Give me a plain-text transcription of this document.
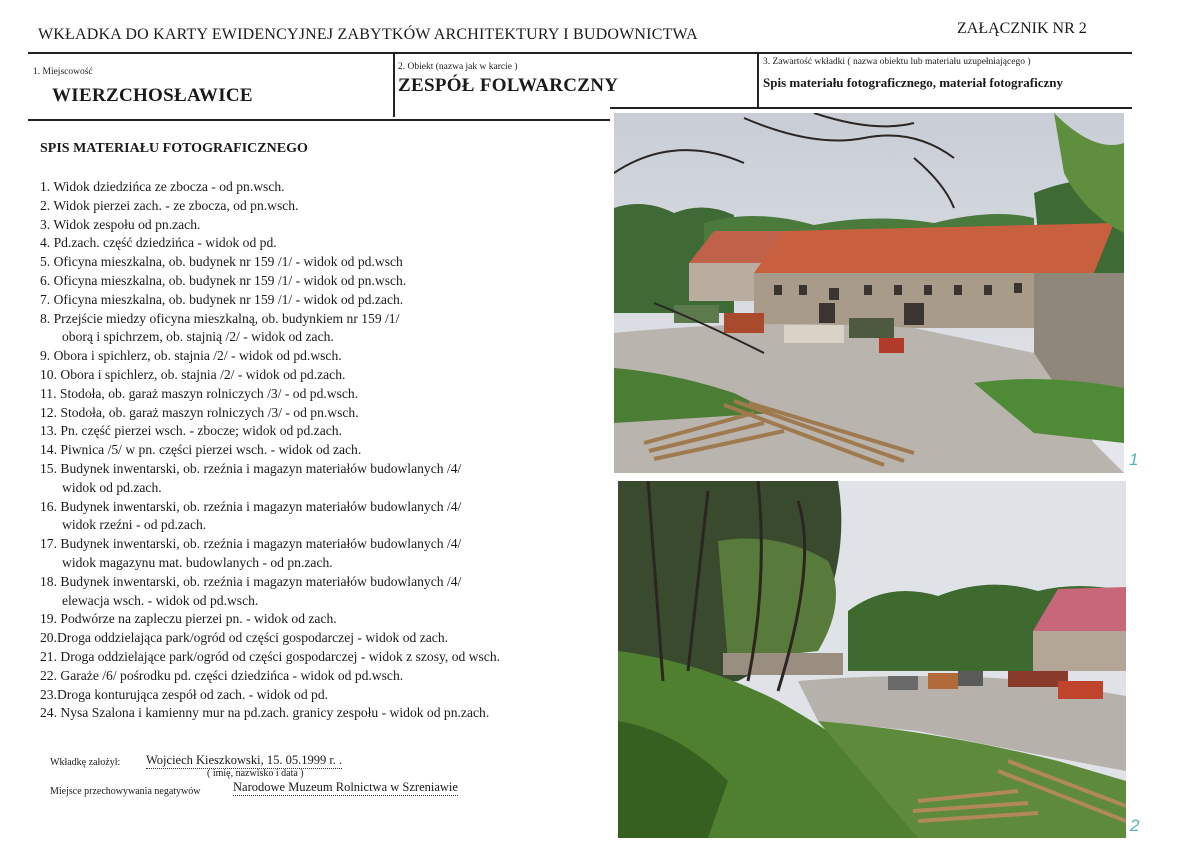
WKŁADKA DO KARTY EWIDENCYJNEJ ZABYTKÓW ARCHITEKTURY I BUDOWNICTWA	ZAŁĄCZNIK NR 2
1. Miejscowość
WIERZCHOSŁAWICE
2. Obiekt (nazwa jak w karcie )
ZESPÓŁ FOLWARCZNY
3. Zawartość wkładki ( nazwa obiektu lub materiału uzupełniającego )
Spis materiału fotograficznego, materiał fotograficzny
SPIS MATERIAŁU FOTOGRAFICZNEGO
1. Widok dziedzińca ze zbocza - od pn.wsch.
2. Widok pierzei zach. - ze zbocza, od pn.wsch.
3. Widok zespołu od pn.zach.
4. Pd.zach. część dziedzińca - widok od pd.
5. Oficyna mieszkalna, ob. budynek nr 159 /1/ - widok od pd.wsch
6. Oficyna mieszkalna, ob. budynek nr 159 /1/ - widok od pn.wsch.
7. Oficyna mieszkalna, ob. budynek nr 159 /1/ - widok od pd.zach.
8. Przejście miedzy oficyna mieszkalną, ob. budynkiem nr 159 /1/
oborą i spichrzem, ob. stajnią /2/ - widok od zach.
9. Obora i spichlerz, ob. stajnia /2/ - widok od pd.wsch.
10. Obora i spichlerz, ob. stajnia /2/ - widok od pd.zach.
11. Stodoła, ob. garaż maszyn rolniczych /3/ - od pd.wsch.
12. Stodoła, ob. garaż maszyn rolniczych /3/ - od pn.wsch.
13. Pn. część pierzei wsch. - zbocze; widok od pd.zach.
14. Piwnica /5/ w pn. części pierzei wsch. - widok od zach.
15. Budynek inwentarski, ob. rzeźnia i magazyn materiałów budowlanych /4/
widok od pd.zach.
16. Budynek inwentarski, ob. rzeźnia i magazyn materiałów budowlanych /4/
widok rzeźni - od pd.zach.
17. Budynek inwentarski, ob. rzeźnia i magazyn materiałów budowlanych /4/
widok magazynu mat. budowlanych - od pn.zach.
18. Budynek inwentarski, ob. rzeźnia i magazyn materiałów budowlanych /4/
elewacja wsch. - widok od pd.wsch.
19. Podwórze na zapleczu pierzei pn. - widok od zach.
20.Droga oddzielająca park/ogród od części gospodarczej - widok od zach.
21. Droga oddzielające park/ogród od części gospodarczej - widok z szosy, od wsch.
22. Garaże /6/ pośrodku pd. części dziedzińca - widok od pd.wsch.
23.Droga konturująca zespół od zach. - widok od pd.
24. Nysa Szalona i kamienny mur na pd.zach. granicy zespołu - widok od pn.zach.
Wkładkę założył: Wojciech Kieszkowski, 15. 05.1999 r. .
( imię, nazwisko i data )
Miejsce przechowywania negatywów	Narodowe Muzeum Rolnictwa w Szreniawie
1
2
